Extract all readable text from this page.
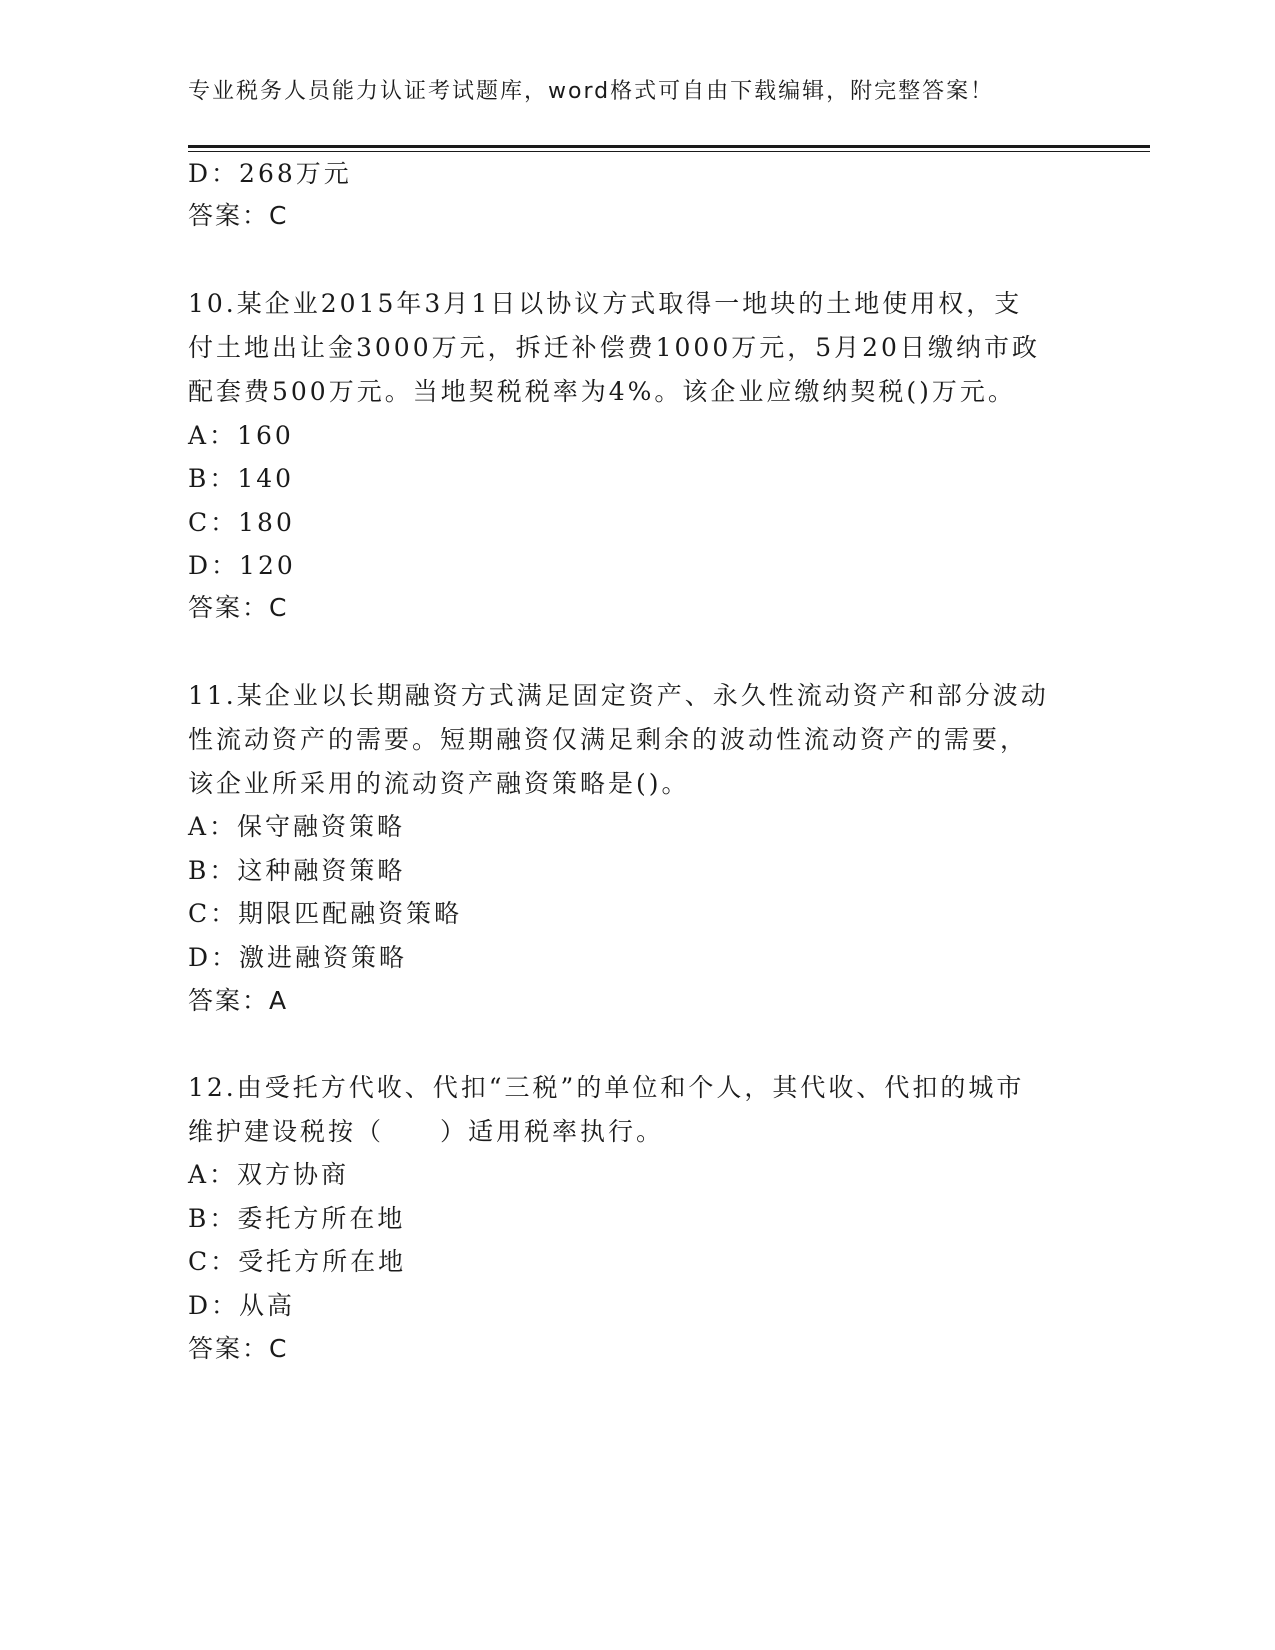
专业税务人员能力认证考试题库，word格式可自由下载编辑，附完整答案！
D：268万元
答案：C
10.某企业2015年3月1日以协议方式取得一地块的土地使用权，支
付土地出让金3000万元，拆迁补偿费1000万元，5月20日缴纳市政
配套费500万元。当地契税税率为4%。该企业应缴纳契税()万元。
A：160
B：140
C：180
D：120
答案：C
11.某企业以长期融资方式满足固定资产、永久性流动资产和部分波动
性流动资产的需要。短期融资仅满足剩余的波动性流动资产的需要，
该企业所采用的流动资产融资策略是()。
A：保守融资策略
B：这种融资策略
C：期限匹配融资策略
D：激进融资策略
答案：A
12.由受托方代收、代扣“三税”的单位和个人，其代收、代扣的城市
维护建设税按（　　）适用税率执行。
A：双方协商
B：委托方所在地
C：受托方所在地
D：从高
答案：C
